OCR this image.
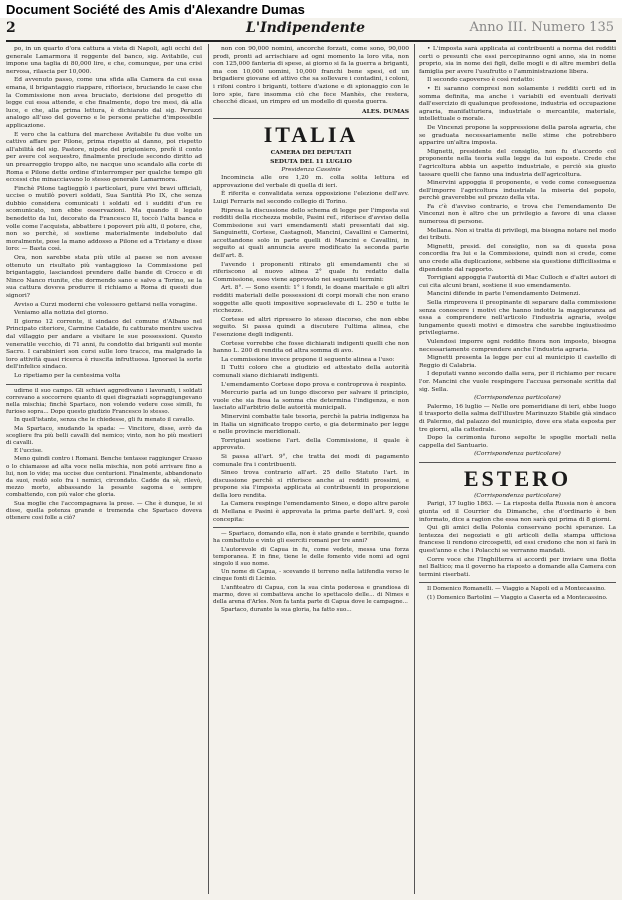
Document Société des Amis d'Alexandre Dumas
2	L'Indipendente	Anno III. Numero 135

po, in un quarto d'ora cattura a vista di Napoli, agli occhi del generale Lamarmora il reggente del banco, sig. Avitabile, cui impone una taglia di 80,000 lire, e che, comunque, per una crisi nervosa, rilascia per 10,000.

Ed avvenuto passo, come una sfida alla Camera da cui essa emana, il brigantaggio riappare, rifiorisce, bruciando le case che la Commissione non avea bruciato, derisione del progetto di legge cui essa attende, e che finalmente, dopo tre mesi, dà alla luce, e che, alla prima lettura, è dichiarato dal sig. Peruzzi analogo all'uso del governo e le persone pratiche d'impossibile applicazione.

E vero che la cattura del marchese Avitabile fu due volte un cattivo affare per Pilone, prima rispetto al danno, poi rispetto all'abilità del sig. Pastore, nipote del prigioniero, prefè il conto per avere col sequestro, finalmente preclude secondo diritto ad un prearreggio troppo alto, ne nacque uno scandalo alla corte di Roma e Pilone dette ordine d'interromper per qualche tempo gli eccessi che minacciavano lo stesso generale Lamarmora.

Finchè Pilone taglieggiò i particolari, pure vivi bravi ufficiali, uccise o mutilò poveri soldati, Sua Santità Pio IX, che senza dubbio considera comunicati i soldati ed i sudditi d'un re scomunicato, non ebbe osservazioni. Ma quando il legato benedetto da lui, decorato da Francesco II, toccò l'alta banca e volle come l'acquista, abbattere i popoveri più alti, il potere, che, non so perchè, si sostiene materialmente indeboluto dal moralmente, pose la mano addosso a Pilone ed a Tristany e disse loro: — Basta così.

Ora, non sarebbe stata più utile al paese se non avesse ottenuto un risultato più vantaggioso la Commissione pel brigantaggio, lasciandosi prendere dalle bande di Crocco e di Ninco Nanco riunite, che dormendo sano e salvo a Torino, se la sua cattura doveva produrre il richiamo a Roma di questi due signori?

Avviso a Curzi moderni che volessero gettarsi nella voragine.

Veniamo alla notizia del giorno.

Il giorno 12 corrente, il sindaco del comune d'Albano nel Principato citeriore, Carmine Catalde, fu catturato mentre usciva dal villaggio per andare a visitare le sue possessioni. Questo veneratile vecchio, di 71 anni, fu condotto dai briganti sul monte Sacro. I carabinieri son corsi sulle loro tracce, ma malgrado la loro attività quasi ricerca è riuscita infruttuosa. Ignorasi la sorte dell'infelice sindaco.

Lo ripetiamo per la centesima volta

udirne il suo campo. Gli schiavi aggredivano i lavoranti, i soldati correvano a soccorrere quanto di quei disgraziati sopraggiungevano nella mischia; finchè Spartaco, non volendo vedere cose simili, fu furioso sopra... Dopo questo giudizio Francesco lo stesso.

In quell'istante, senza che le chiedesse, gli fu menato il cavallo.

Ma Spartaco, snudando la spada: — Vincitore, disse, avrò da scegliere fra più belli cavalli del nemico; vinto, non ho più mestieri di cavalli.

E l'uccise.

Meno quindi contro i Romani. Benche tentasse raggiunger Crasso o lo chiamasse ad alta voce nella mischia, non poté arrivare fino a lui, non lo vide; ma uccise due centurioni. Finalmente, abbandonato da suoi, restò solo fra i nemici, circondato. Cadde da sè, rilevò, mezzo morto, abbassando la pesante sagoma e sempre combattendo, con più valor che gloria.

Sua moglie che l'accompagnava la prese. — Che è dunque, le si disse, quella potenza grande e tremenda che Spartaco doveva ottenere cosi folle a ciò?

non con 90,000 nomini, ancorchè forzati, come sono, 90,000 prodi, pronti ad arrischiare ad ogni momento la loro vita, non con 125,000 fanteria di spese, ai giorno si fa la guerra a briganti, ma con 10,000 uomini, 10,000 franchi bene spesi, ed un brigadiere giovane ed attivo che sa sollevare i contadini, i coloni, i rifoni contro i briganti, tottere d'azione e di spionaggio con le loro spie, fare insomma ciò che fece Manhès, che restera, checché dicasi, un rimpro ed un modello di questa guerra.

ALES. DUMAS

ITALIA

CAMERA DEI DEPUTATI

SEDUTA DEL 11 LUGLIO

Presidenza Cassinis

Incomincia alle ore 1,20 m. colla solita lettura ed approvazione del verbale di quella di ieri.

È riferita e convalidata senza opposizione l'elezione dell'avv. Luigi Ferraris nel secondo collegio di Torino.

Ripresa la discussione dello schema di legge per l'imposta sui redditi della ricchezza mobile, Pasini ref., riferisce d'avviso della Commissione sui vari emendamenti stati presentati dai sig. Sanguinetti, Cortese, Castagnoli, Mancini, Cavallini e Camerini, accettandone solo in parte quelli di Mancini e Cavallini, in seguito ai quali annuncia avere modificato la seconda parte dell'art. 8.

I'avendo i proponenti ritirato gli emendamenti che si riferiscono al nuovo alinea 2° quale fu redatto dalla Commissione, esso viene approvato nei seguenti termini:

Art. 8°. — Sono esenti: 1° i fondi, le doane maritale e gli altri redditi materiali delle possessioni di corpi morali che non erano soggette alle quoti impositive sopraelevate di L. 250 e tutte le ricchezze.

Cortese ed altri ripresero lo stesso discorso, che non ebbe seguito. Si passa quindi a discutere l'ultima alinea, che l'esenzione degli indigenti.

Cortese vorrebbe che fosse dichiarati indigenti quelli che non hanno L. 200 di rendita od altra somma di avo.

La commissione invece propone il seguente alinea a l'uso:

Il Tutti coloro che a giudizio ed attestato della autorità comunali siano dichiarati indigenti.

L'emendamento Cortese dopo prova e controprova è respinto.

Mercurio parla ad un lungo discorso per salvare il principio, vuole che sia fissa la somma che determina l'indigenza, e non lasciato all'arbitrio delle autorità municipali.

Minervini combatte tale tesoria, perchè la patria indigenza ha in Italia un significato troppo certo, e gia determinato per legge e nelle provincie meridionali.

Torrigiani sostiene l'art. della Commissione, il quale è approvato.

Si passa all'art. 9°, che tratta dei modi di pagamento comunale fra i contribuenti.

Sineo trova contrario all'art. 25 dello Statuto l'art. in discussione perchè si riferisce anche ai redditi prossimi, e propone sia l'imposta applicata ai contribuenti in proporzione della loro rendita.

La Camera respinge l'emendamento Sineo, e dopo altre parole di Mellana e Pasini è approvata la prima parte dell'art. 9, così concepita:

— Spartaco, domando ella, non è stato grande e terribile, quando ha combattuto e vinto gli eserciti romani per tre anni?

L'autorevole di Capua in fu, come vedete, messa una forza temporanea. E in fine, tiene le delle fomento vide nomi ad ogni singolo il suo nome.

Un nome di Capua, - scevando il terreno nella latifendia verso le cinque fonti di Licinio.

L'anfiteatro di Capua, con la sua cinta poderosa e grandiosa di marmo, dove si combatteva anche lo spettacolo delle... di Nimes e della arena d'Arles. Non fa tanta parte di Capua dove le campagne...

Spartaco, durante la sua gloria, ha fatto suo...

• L'imposta sarà applicata ai contribuenti a norma dei redditi certi o presunti che essi percepiranno ogni anno, sia in nome proprio, sia in nome dei figli, delle mogli e di altre membri della famiglia per avere l'usufrutto o l'amministrazione libera.

Il secondo capoverso è così redatto:

• Ei saranno compresi non solamente i redditi certi ed in somma definita, ma anche i variabili ed eventuali derivati dall'esercizio di qualunque professione, industria ed occupazione agraria, manifatturiera, industriale o mercantile, materiale, intellettuale o morale.

De Vincenzi propone la soppressione della parola agraria, che se graduata necessariamente nelle stime che potrebbero apparire un'altra imposta.

Mignetti, presidente del consiglio, non fu d'accordo col proponente nella teoria sulla legge da lui esposte. Crede che l'agricoltura abbia un aspetto industriale, e perciò sia giusto tassare quelli che fanno una industria dell'agricoltura.

Minervini appoggia il proponente, e vede come conseguenza dell'imporre l'agricoltura industriale la miseria del popolo, perchè graverebbe sul prezzo della vita.

Fa c'è d'avviso contrario, e trova che l'emendamento De Vincenzi non è altro che un privilegio a favore di una classe numerosa di persone.

Mellana. Non si tratta di privilegi, ma bisogna notare nel modo dei tributi.

Mignetti, presid. del consiglio, non sa di questa posa concordia fra lui e la Commissione, quindi non si crede, come uno crede alla duplicazione, sebbene sia questione difficilissima e dipendente dal rapporto.

Torrigiani appoggia l'autorità di Mac Culloch e d'altri autori di cui cita alcuni brani, sostiene il suo emendamento.

Mancini difende in parte l'emendamento Deimenzi.

Sella rimprovera il preopinante di separare dalla commissione senza conoscere i motivi che hanno indotto la maggioranza ad essa a comprendere nell'articolo l'industria agraria, svolge lungamente questi motivi e dimostra che sarebbe ingiustissimo privilegiarne.

Vulendosi imporre ogni reddito finora non imposto, bisogna necessariamente comprendere anche l'industria agraria.

Mignetti presenta la legge per cui al municipio il castello di Reggio di Calabria.

I deputati vanno secondo dalla sera, per il richiamo per recare l'or. Mancini che vuole respingere l'accusa personale scritta dal sig. Sella.

(Corrispondenza particolare)

Palermo, 16 luglio — Nelle ore pomeridiane di ieri, ebbe luogo il trasporto della salma dell'illustre Marinuzzo Stabile già sindaco di Palermo, dal palazzo del municipio, dove era stata esposta per tre giorni, alla cattedrale.

Dopo la cerimonia furono sepolte le spoglie mortali nella cappella del Santuario.

(Corrispondenza particolare)

ESTERO

(Corrispondenza particolare)

Parigi, 17 luglio 1863. — La risposta della Russia non è ancora giunta ed il Courrier du Dimanche, che d'ordinario è ben informato, dice a ragion che essa non sarà qui prima di 8 giorni.

Qui gli amici della Polonia conservano pochi speranze. La lentezza dei negoziati e gli articoli della stampa ufficiosa francese li rendono circospetti, ed essi credono che non si farà in quest'anno e che i Polacchi se verranno mandati.

Corre voce che l'Inghilterra si accordi per inviare una flotta nel Baltico; ma il governo ha risposto a domande alla Camera con termini riserbati.

Il Domenico Romanelli. — Viaggio a Napoli ed a Montecassino.

(1) Domenico Bartolini — Viaggio a Caserta ed a Montecassino.
